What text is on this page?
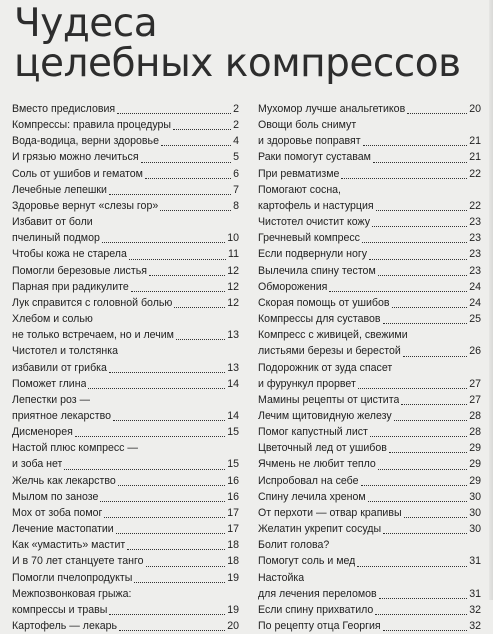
Чудеса
целебных компрессов
Вместо предисловия	2
Компрессы: правила процедуры	2
Вода-водица, верни здоровье	4
И грязью можно лечиться	5
Соль от ушибов и гематом	6
Лечебные лепешки	7
Здоровье вернут «слезы гор»	8
Избавит от боли
пчелиный подмор	10
Чтобы кожа не старела	11
Помогли березовые листья	12
Парная при радикулите	12
Лук справится с головной болью	12
Хлебом и солью
не только встречаем, но и лечим	13
Чистотел и толстянка
избавили от грибка	13
Поможет глина	14
Лепестки роз —
приятное лекарство	14
Дисменорея	15
Настой плюс компресс —
и зоба нет	15
Желчь как лекарство	16
Мылом по занозе	16
Мох от зоба помог	17
Лечение мастопатии	17
Как «умастить» мастит	18
И в 70 лет станцуете танго	18
Помогли пчелопродукты	19
Межпозвонковая грыжа:
компрессы и травы	19
Картофель — лекарь	20
Мухомор лучше анальгетиков	20
Овощи боль снимут
и здоровье поправят	21
Раки помогут суставам	21
При ревматизме	22
Помогают сосна,
картофель и настурция	22
Чистотел очистит кожу	23
Гречневый компресс	23
Если подвернули ногу	23
Вылечила спину тестом	23
Обморожения	24
Скорая помощь от ушибов	24
Компрессы для суставов	25
Компресс с живицей, свежими
листьями березы и берестой	26
Подорожник от зуда спасет
и фурункул прорвет	27
Мамины рецепты от цистита	27
Лечим щитовидную железу	28
Помог капустный лист	28
Цветочный лед от ушибов	29
Ячмень не любит тепло	29
Испробовал на себе	29
Спину лечила хреном	30
От перхоти — отвар крапивы	30
Желатин укрепит сосуды	30
Болит голова?
Помогут соль и мед	31
Настойка
для лечения переломов	31
Если спину прихватило	32
По рецепту отца Георгия	32
